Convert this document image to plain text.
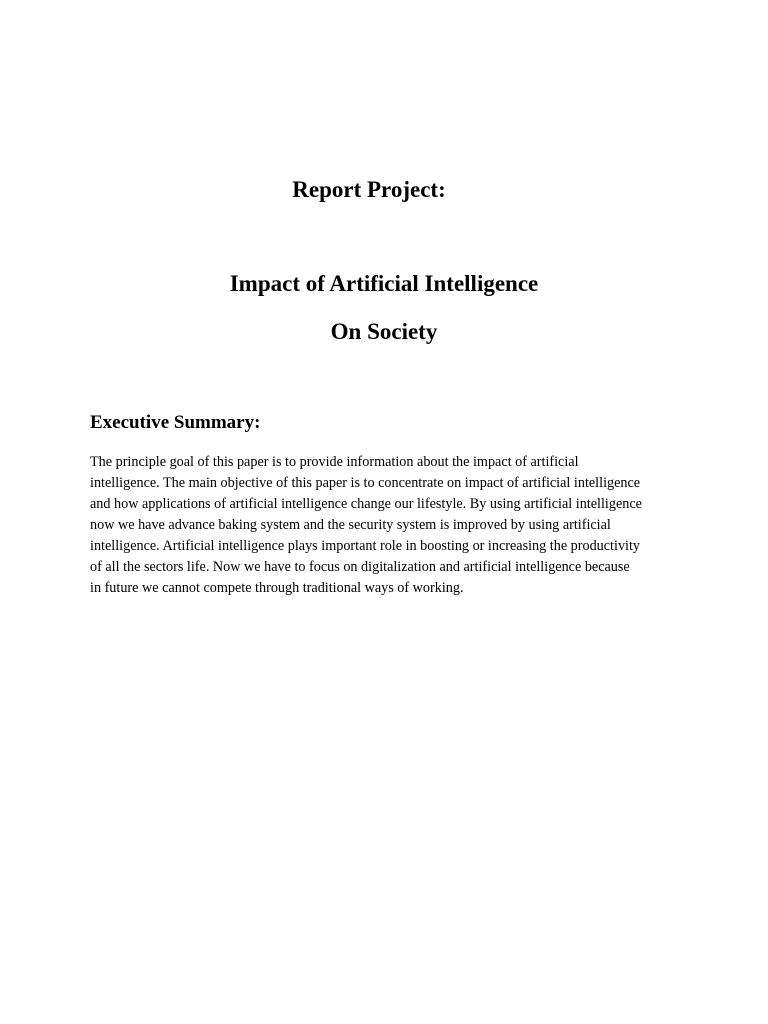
Report Project:
Impact of Artificial Intelligence
On Society
Executive Summary:

The principle goal of this paper is to provide information about the impact of artificial
intelligence. The main objective of this paper is to concentrate on impact of artificial intelligence
and how applications of artificial intelligence change our lifestyle. By using artificial intelligence
now we have advance baking system and the security system is improved by using artificial
intelligence. Artificial intelligence plays important role in boosting or increasing the productivity
of all the sectors life. Now we have to focus on digitalization and artificial intelligence because
in future we cannot compete through traditional ways of working.
